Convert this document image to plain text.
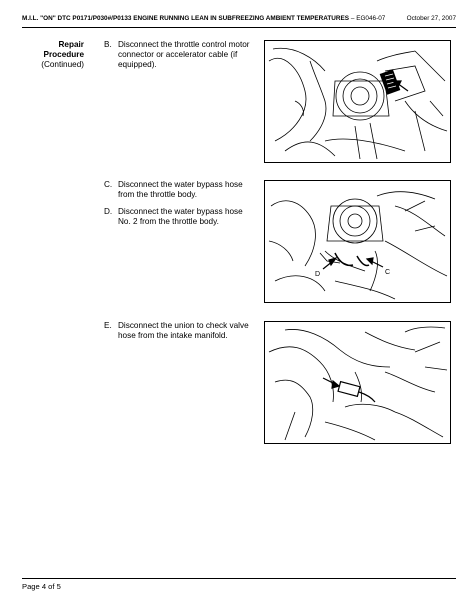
M.I.L. "ON" DTC P0171/P030#/P0133 ENGINE RUNNING LEAN IN SUBFREEZING AMBIENT TEMPERATURES – EG046-07	October 27, 2007
Repair
Procedure
(Continued)
B. Disconnect the throttle control motor connector or accelerator cable (if equipped).
C. Disconnect the water bypass hose from the throttle body.
D. Disconnect the water bypass hose No. 2 from the throttle body.
E. Disconnect the union to check valve hose from the intake manifold.
D	C
Page 4 of 5
